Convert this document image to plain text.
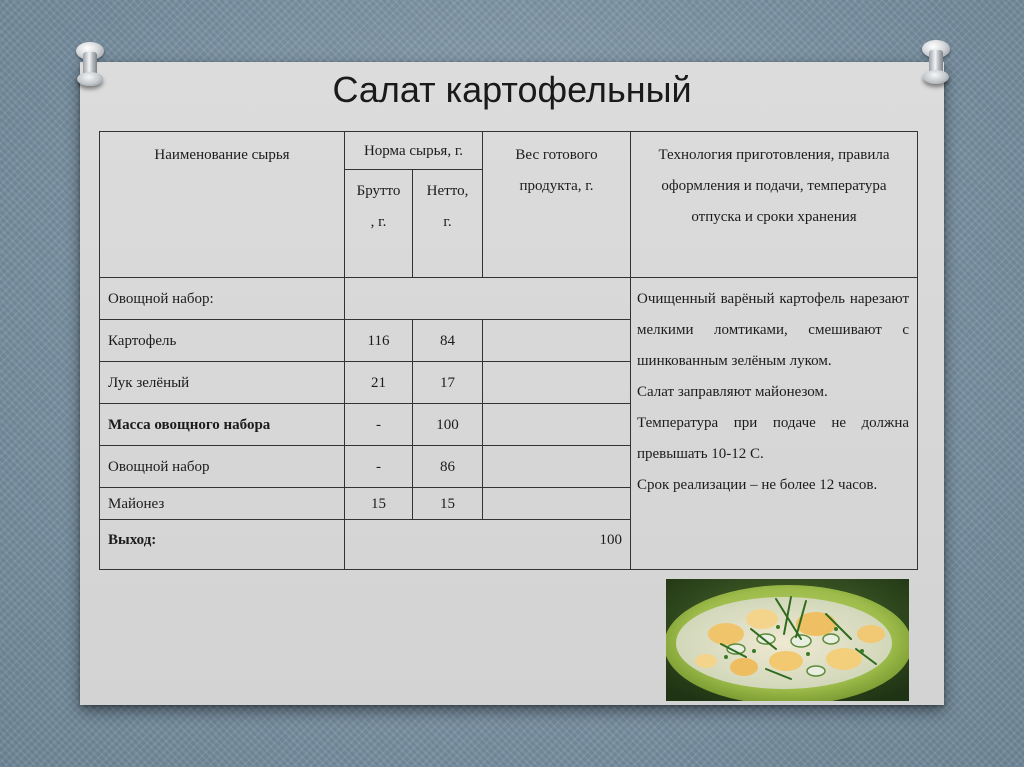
Салат картофельный
Наименование сырья	Норма сырья, г.		Вес готового продукта, г.	Технология приготовления, правила оформления и подачи, температура отпуска и сроки хранения
	Брутто , г.	Нетто, г.		
Овощной набор:				Очищенный варёный картофель нарезают мелкими ломтиками, смешивают с шинкованным зелёным луком.

Салат заправляют майонезом.

Температура при подаче не должна превышать 10-12 С.

Срок реализации – не более 12 часов.

Картофель	116	84		
Лук зелёный	21	17		
Масса овощного набора	-	100		
Овощной набор	-	86		
Майонез	15	15		
Выход:	100			
